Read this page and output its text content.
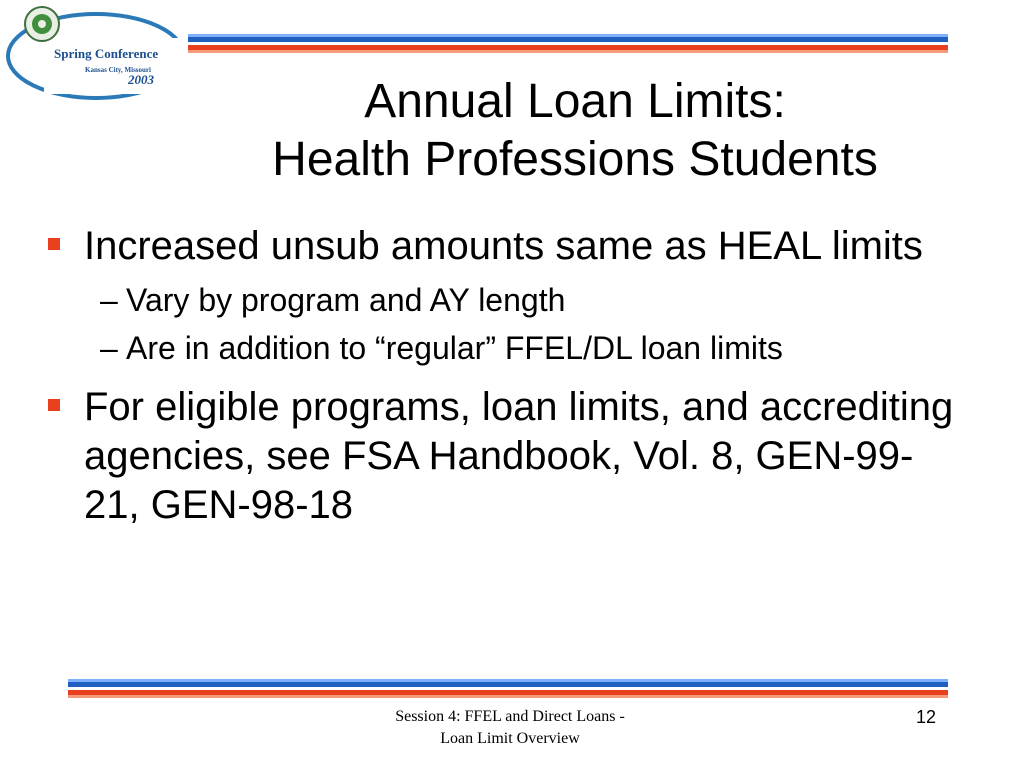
Spring Conference
Kansas City, Missouri
2003	Annual Loan Limits:
Health Professions Students
Increased unsub amounts same as HEAL limits
– Vary by program and AY length
– Are in addition to “regular” FFEL/DL loan limits
For eligible programs, loan limits, and accrediting agencies, see FSA Handbook, Vol. 8, GEN-99-21, GEN-98-18
Session 4: FFEL and Direct Loans -
Loan Limit Overview
12
